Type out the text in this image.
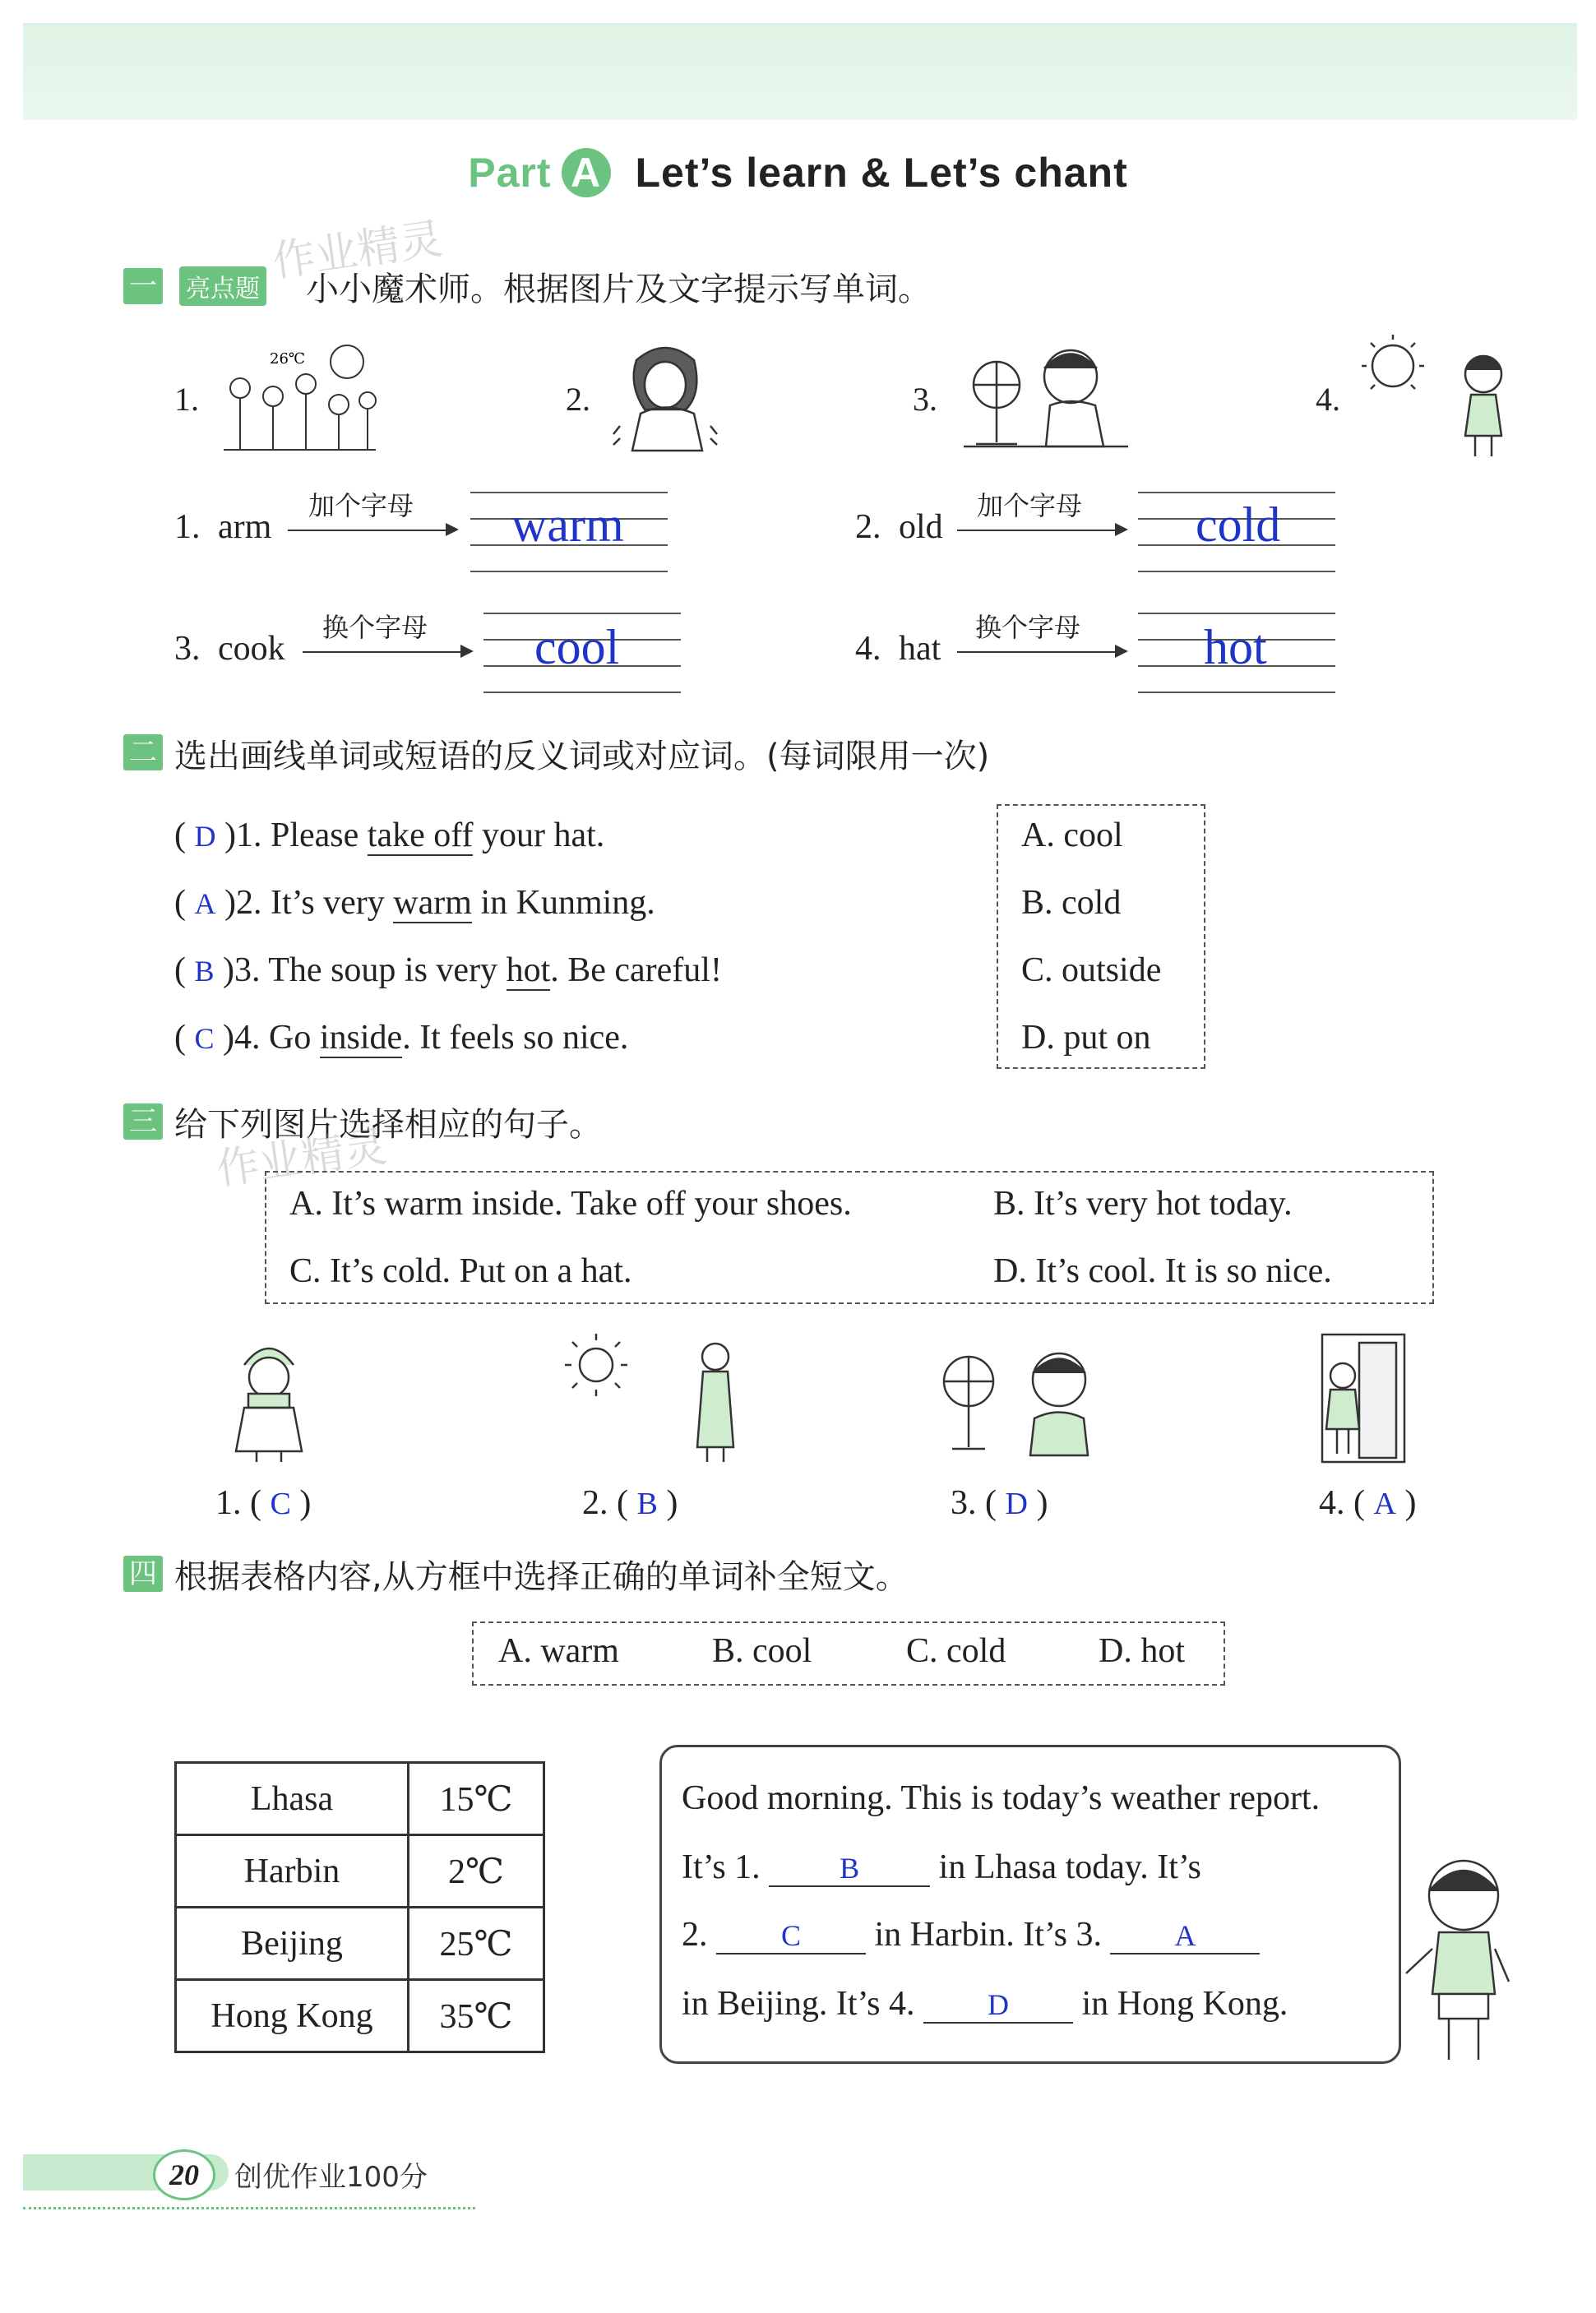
Part A Let’s learn & Let’s chant
作业精灵
一 亮点题 小小魔术师。根据图片及文字提示写单词。
1.
26℃
2.	3.	4.
1. arm
加个字母 warm	2. old
加个字母 cold
3. cook
换个字母 cool	4. hat
换个字母 hot
二 选出画线单词或短语的反义词或对应词。(每词限用一次)
( D )1. Please take off your hat.
( A )2. It’s very warm in Kunming.
( B )3. The soup is very hot. Be careful!
( C )4. Go inside. It feels so nice.
A. cool
B. cold
C. outside
D. put on
三 给下列图片选择相应的句子。
作业精灵
A. It’s warm inside. Take off your shoes.	B. It’s very hot today.
C. It’s cold. Put on a hat.	D. It’s cool. It is so nice.
1. ( C )	2. ( B )	3. ( D )	4. ( A )
四 根据表格内容,从方框中选择正确的单词补全短文。
A. warm	B. cool	C. cold	D. hot
Lhasa	15℃
Harbin	2℃
Beijing	25℃
Hong Kong	35℃
Good morning. This is today’s weather report.
It’s 1.	B in Lhasa today. It’s
2. C in Harbin. It’s 3. A
in Beijing. It’s 4. D in Hong Kong.
20	创优作业100分
